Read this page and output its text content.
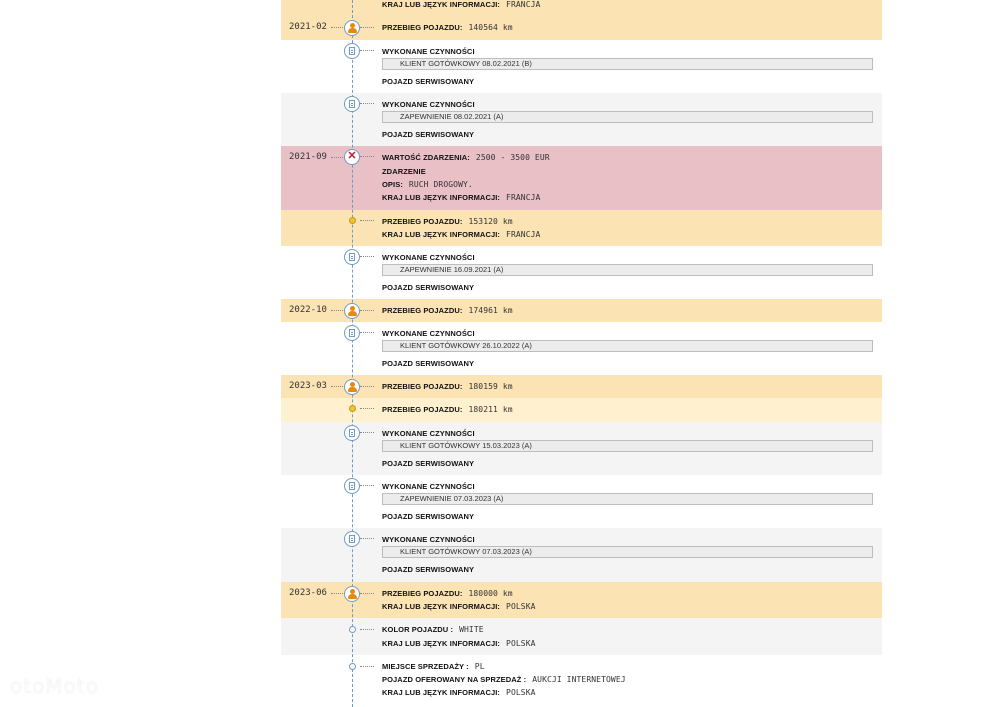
KRAJ LUB JĘZYK INFORMACJI: FRANCJA
2021-02	PRZEBIEG POJAZDU: 140564 km
WYKONANE CZYNNOŚCI
KLIENT GOTÓWKOWY 08.02.2021 (B)
POJAZD SERWISOWANY
WYKONANE CZYNNOŚCI
ZAPEWNIENIE 08.02.2021 (A)
POJAZD SERWISOWANY
2021-09 ✕	WARTOŚĆ ZDARZENIA: 2500 - 3500 EUR
ZDARZENIE
OPIS: RUCH DROGOWY.
KRAJ LUB JĘZYK INFORMACJI: FRANCJA
PRZEBIEG POJAZDU: 153120 km
KRAJ LUB JĘZYK INFORMACJI: FRANCJA
WYKONANE CZYNNOŚCI
ZAPEWNIENIE 16.09.2021 (A)
POJAZD SERWISOWANY
2022-10	PRZEBIEG POJAZDU: 174961 km
WYKONANE CZYNNOŚCI
KLIENT GOTÓWKOWY 26.10.2022 (A)
POJAZD SERWISOWANY
2023-03	PRZEBIEG POJAZDU: 180159 km
PRZEBIEG POJAZDU: 180211 km
WYKONANE CZYNNOŚCI
KLIENT GOTÓWKOWY 15.03.2023 (A)
POJAZD SERWISOWANY
WYKONANE CZYNNOŚCI
ZAPEWNIENIE 07.03.2023 (A)
POJAZD SERWISOWANY
WYKONANE CZYNNOŚCI
KLIENT GOTÓWKOWY 07.03.2023 (A)
POJAZD SERWISOWANY
2023-06	PRZEBIEG POJAZDU: 180000 km
KRAJ LUB JĘZYK INFORMACJI: POLSKA
KOLOR POJAZDU : WHITE
KRAJ LUB JĘZYK INFORMACJI: POLSKA
MIEJSCE SPRZEDAŻY : PL
POJAZD OFEROWANY NA SPRZEDAŻ : AUKCJI INTERNETOWEJ
KRAJ LUB JĘZYK INFORMACJI: POLSKA
otoMoto
